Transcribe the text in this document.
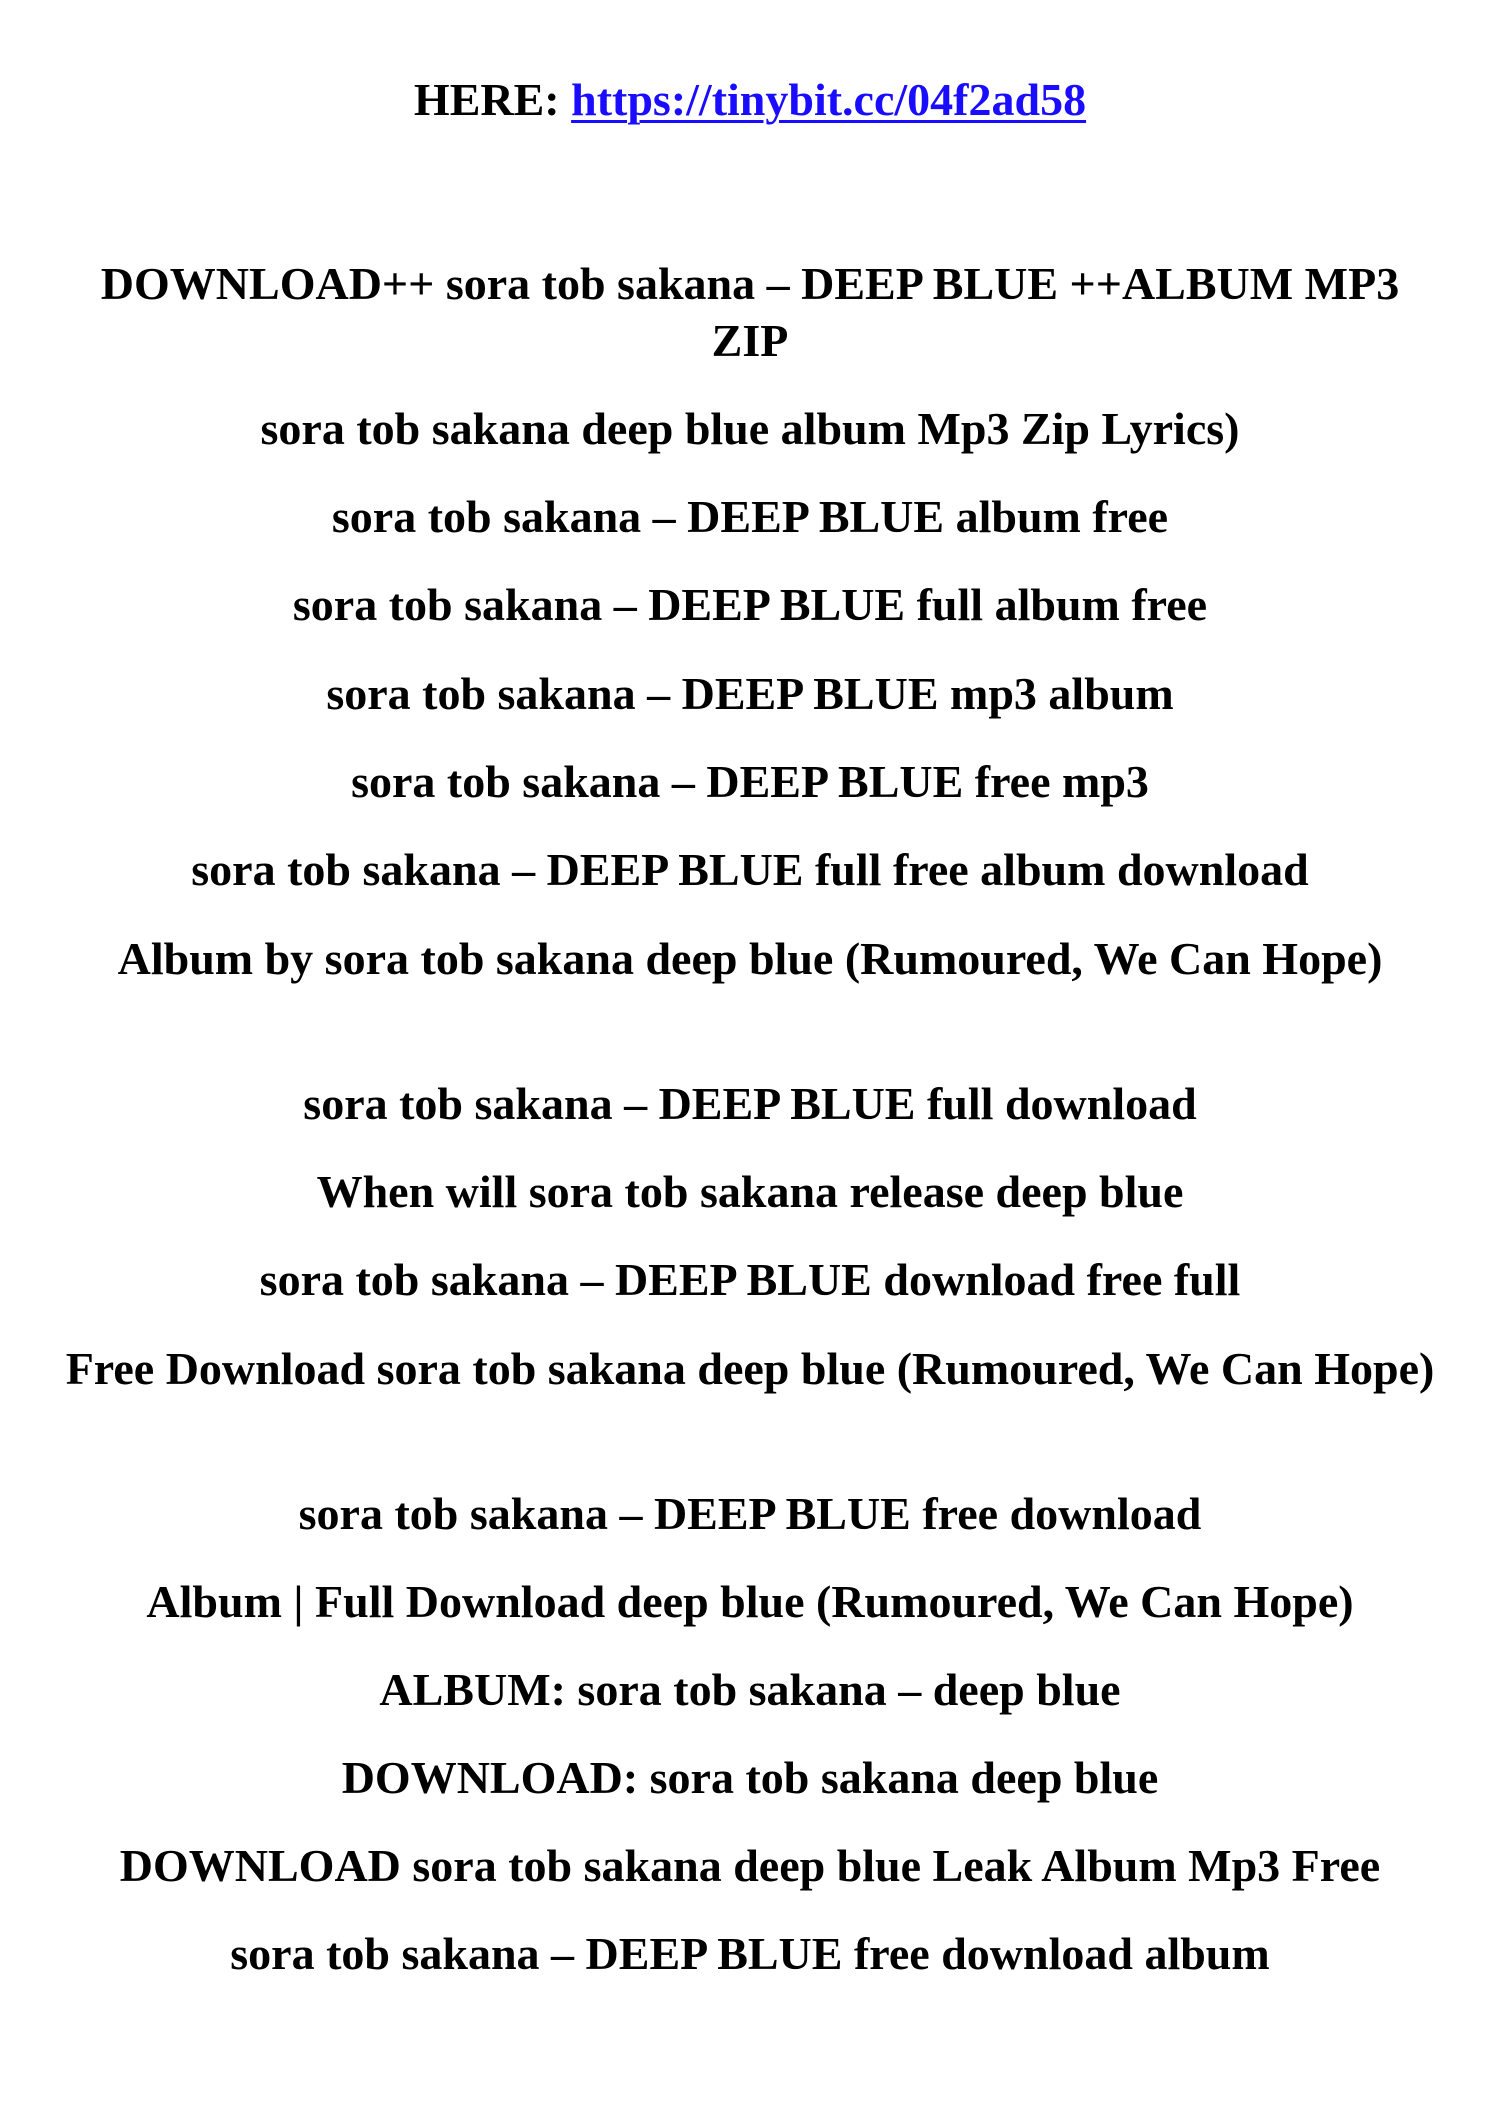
HERE: https://tinybit.cc/04f2ad58
DOWNLOAD++ sora tob sakana – DEEP BLUE ++ALBUM MP3 ZIP
sora tob sakana deep blue album Mp3 Zip Lyrics)
sora tob sakana – DEEP BLUE album free
sora tob sakana – DEEP BLUE full album free
sora tob sakana – DEEP BLUE mp3 album
sora tob sakana – DEEP BLUE free mp3
sora tob sakana – DEEP BLUE full free album download
Album by sora tob sakana deep blue (Rumoured, We Can Hope)
sora tob sakana – DEEP BLUE full download
When will sora tob sakana release deep blue
sora tob sakana – DEEP BLUE download free full
Free Download sora tob sakana deep blue (Rumoured, We Can Hope)
sora tob sakana – DEEP BLUE free download
Album | Full Download deep blue (Rumoured, We Can Hope)
ALBUM: sora tob sakana – deep blue
DOWNLOAD: sora tob sakana deep blue
DOWNLOAD sora tob sakana deep blue Leak Album Mp3 Free
sora tob sakana – DEEP BLUE free download album
